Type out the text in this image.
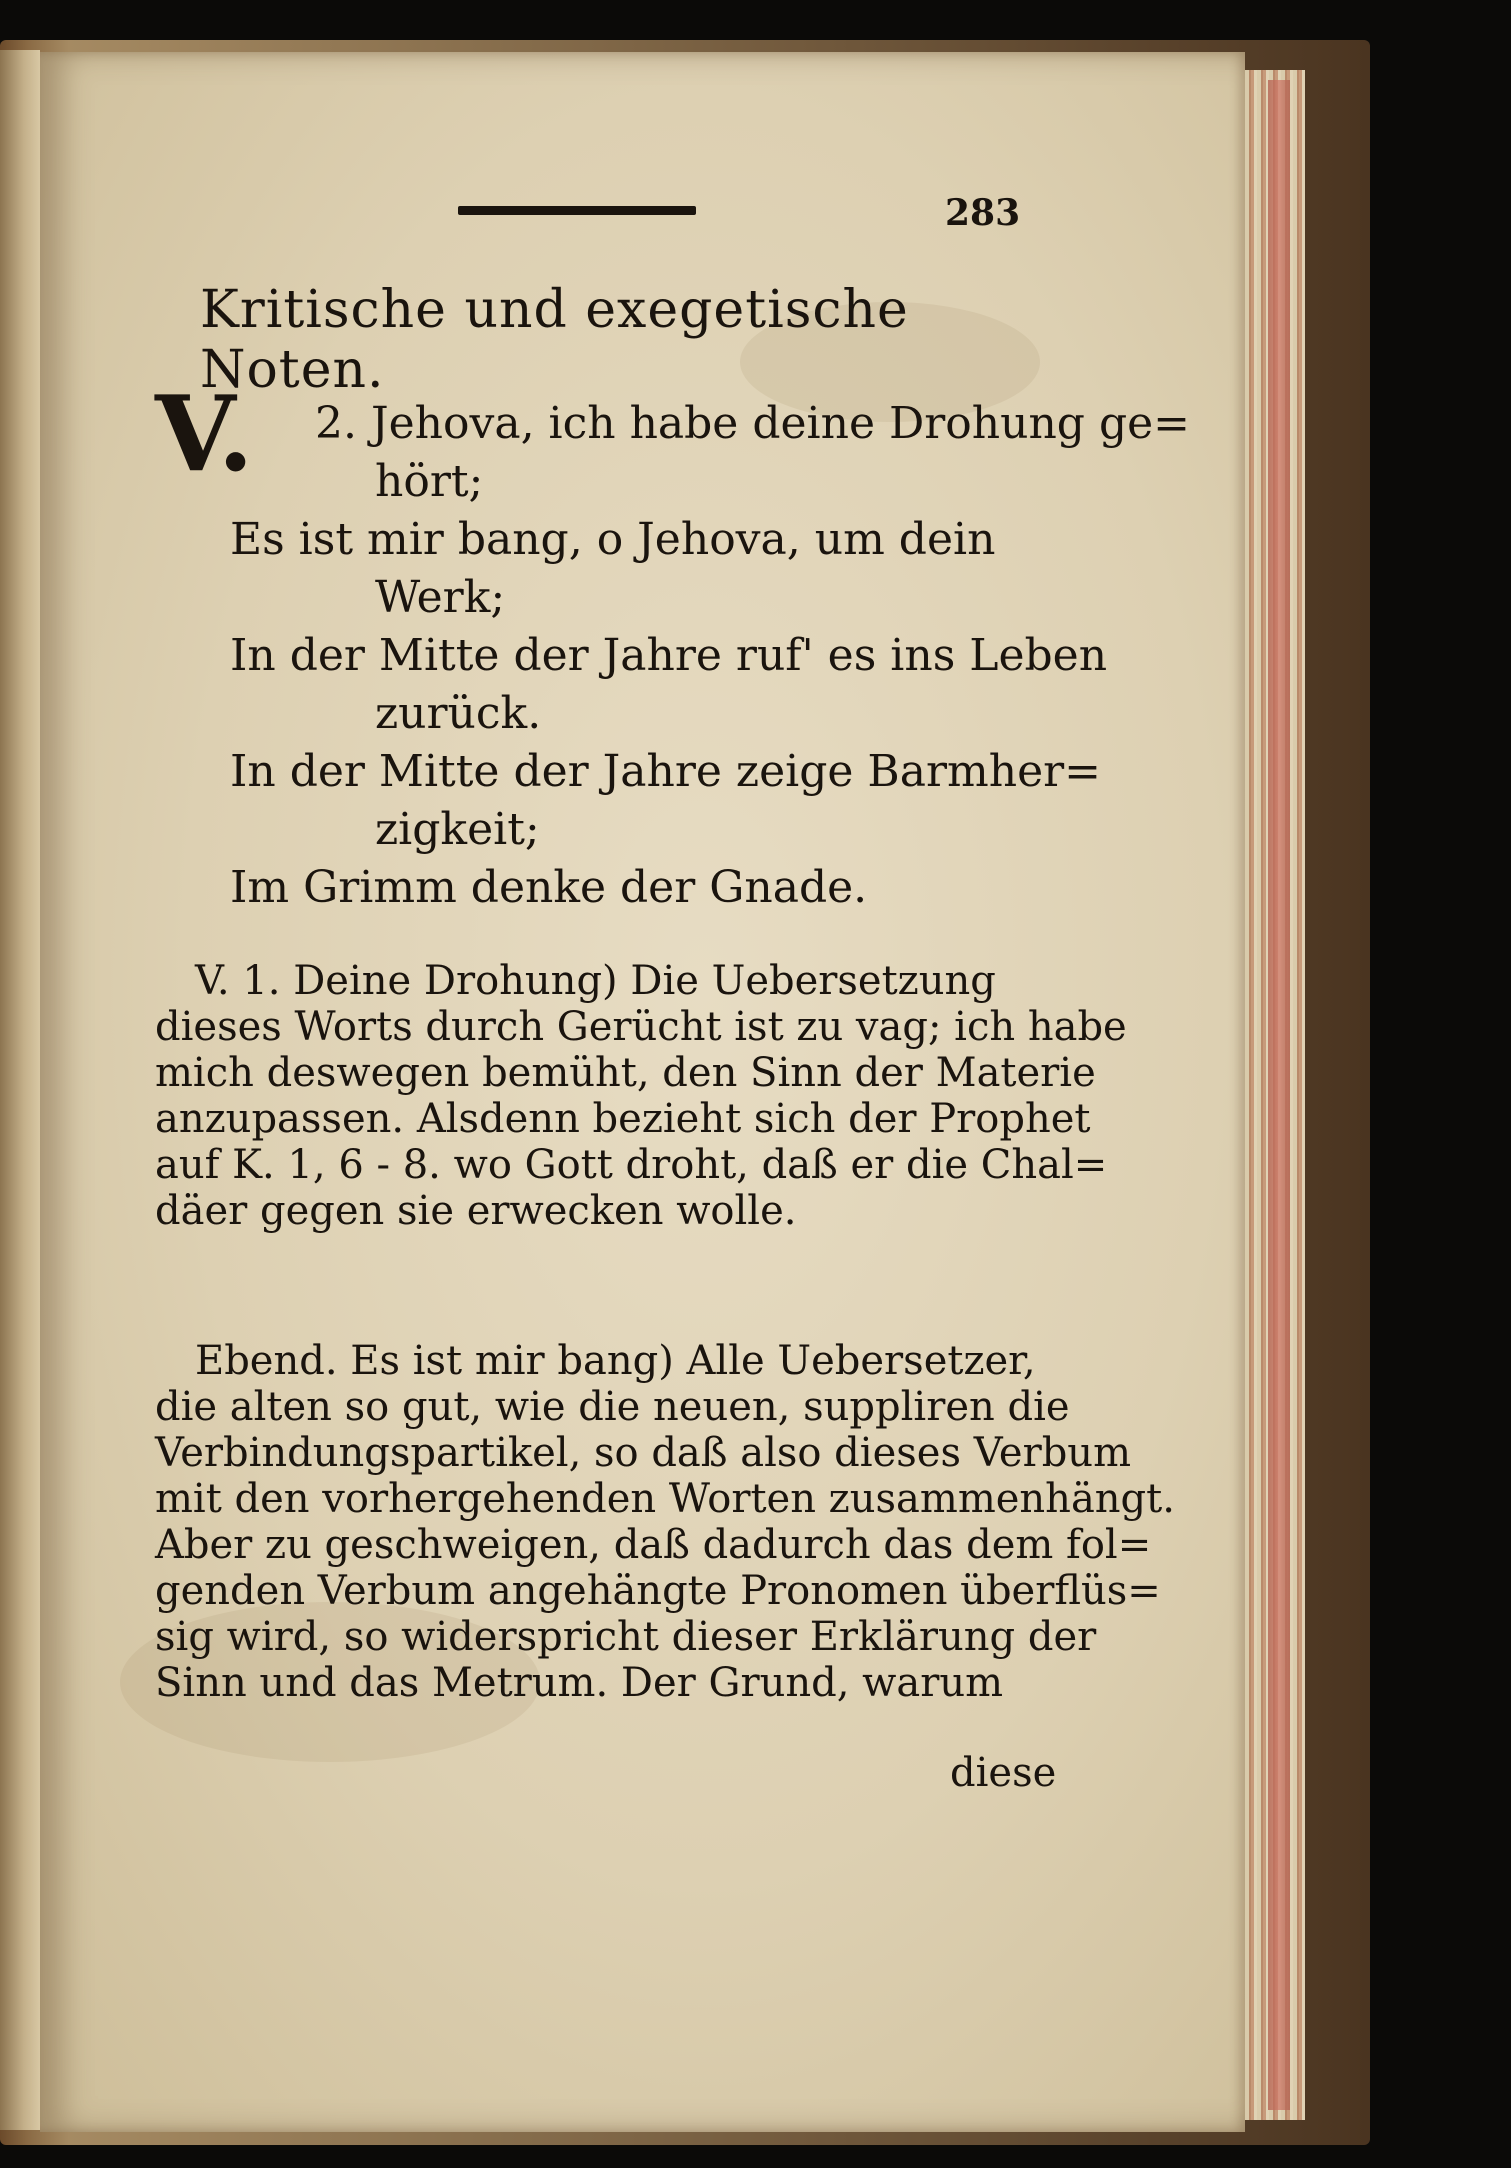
283
Kritische und exegetische Noten.
V.	2. Jehova, ich habe deine Drohung ge=
hört;
Es ist mir bang, o Jehova, um dein
Werk;
In der Mitte der Jahre ruf' es ins Leben
zurück.
In der Mitte der Jahre zeige Barmher=
zigkeit;
Im Grimm denke der Gnade.
V. 1. Deine Drohung) Die Uebersetzung
dieses Worts durch Gerücht ist zu vag; ich habe
mich deswegen bemüht, den Sinn der Materie
anzupassen. Alsdenn bezieht sich der Prophet
auf K. 1, 6 - 8. wo Gott droht, daß er die Chal=
däer gegen sie erwecken wolle.
Ebend. Es ist mir bang) Alle Uebersetzer,
die alten so gut, wie die neuen, suppliren die
Verbindungspartikel, so daß also dieses Verbum
mit den vorhergehenden Worten zusammenhängt.
Aber zu geschweigen, daß dadurch das dem fol=
genden Verbum angehängte Pronomen überflüs=
sig wird, so widerspricht dieser Erklärung der
Sinn und das Metrum. Der Grund, warum
diese
